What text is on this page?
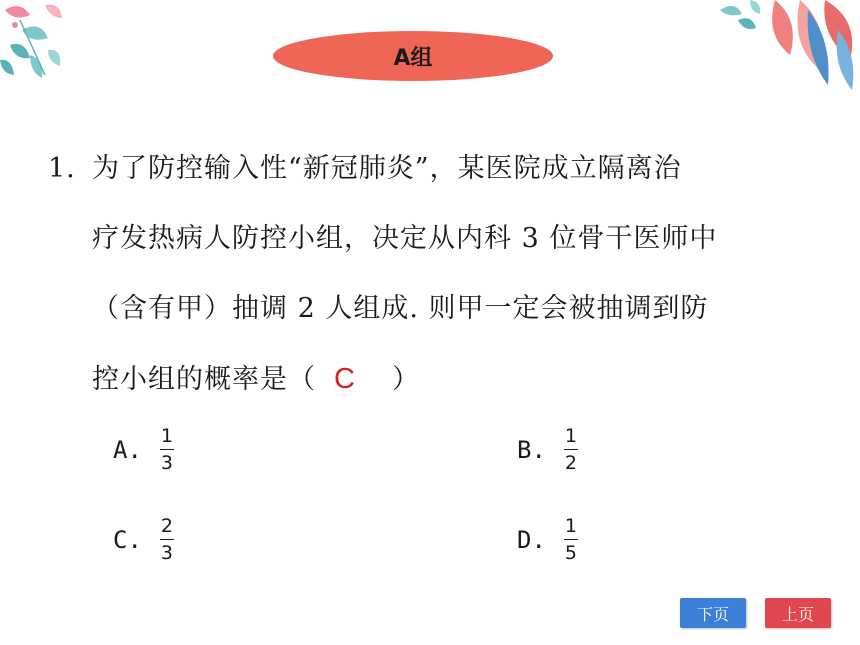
A组
1. 为了防控输入性“新冠肺炎”，某医院成立隔离治
疗发热病人防控小组，决定从内科 3 位骨干医师中
（含有甲）抽调 2 人组成. 则甲一定会被抽调到防
控小组的概率是（ C ）
A. $\frac{1}{3}$	B. $\frac{1}{2}$
C. $\frac{2}{3}$	D. $\frac{1}{5}$
下页	上页
